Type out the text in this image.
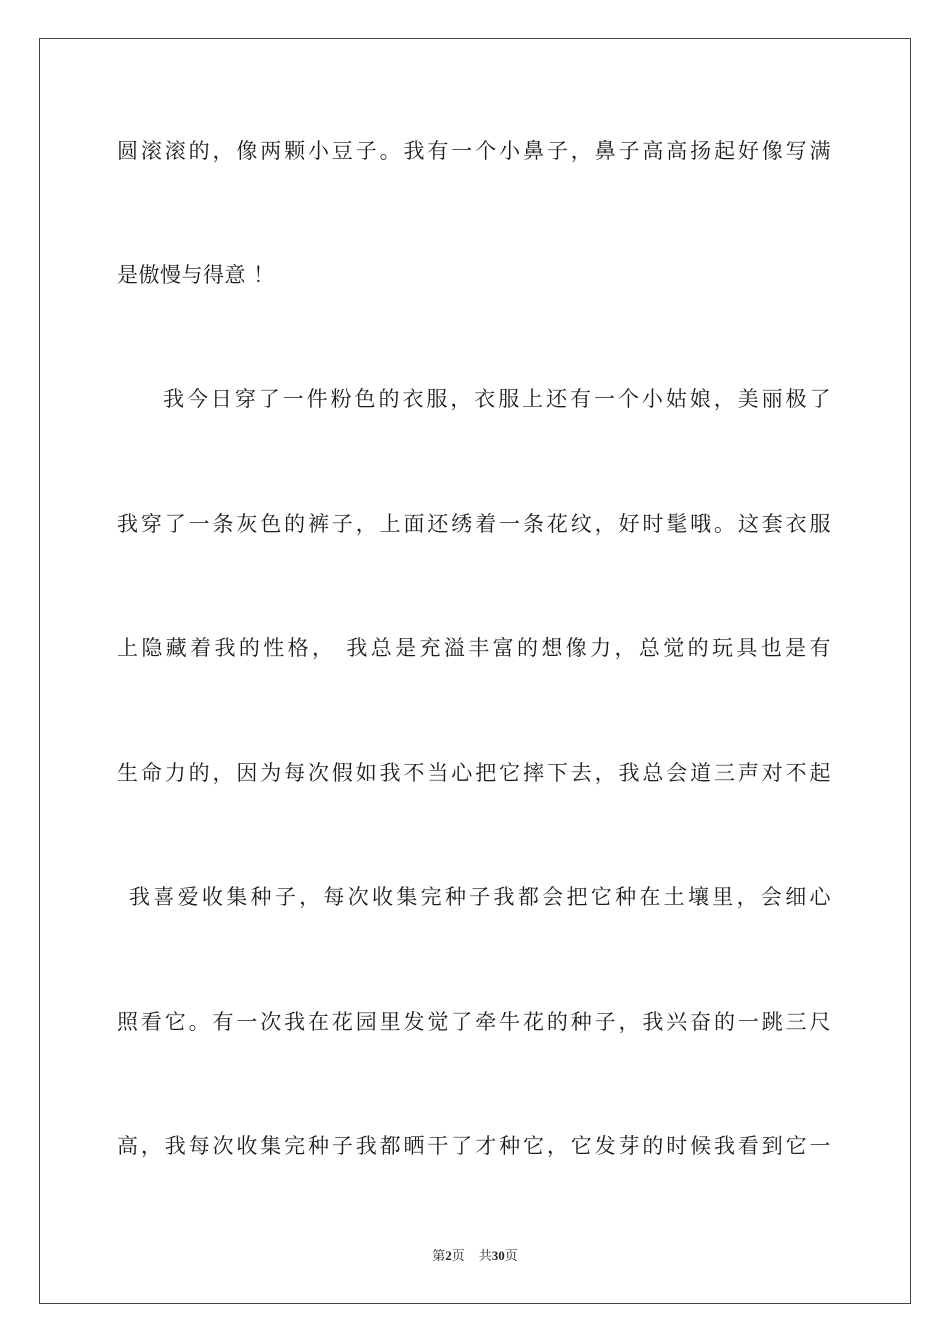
圆滚滚的，像两颗小豆子。我有一个小鼻子，鼻子高高扬起好像写满
是傲慢与得意 ！
我今日穿了一件粉色的衣服，衣服上还有一个小姑娘，美丽极了
我穿了一条灰色的裤子，上面还绣着一条花纹，好时髦哦。这套衣服
上隐藏着我的性格， 我总是充溢丰富的想像力，总觉的玩具也是有
生命力的，因为每次假如我不当心把它摔下去，我总会道三声对不起
我喜爱收集种子，每次收集完种子我都会把它种在土壤里，会细心
照看它。有一次我在花园里发觉了牵牛花的种子，我兴奋的一跳三尺
高，我每次收集完种子我都晒干了才种它，它发芽的时候我看到它一
第2页 共30页
